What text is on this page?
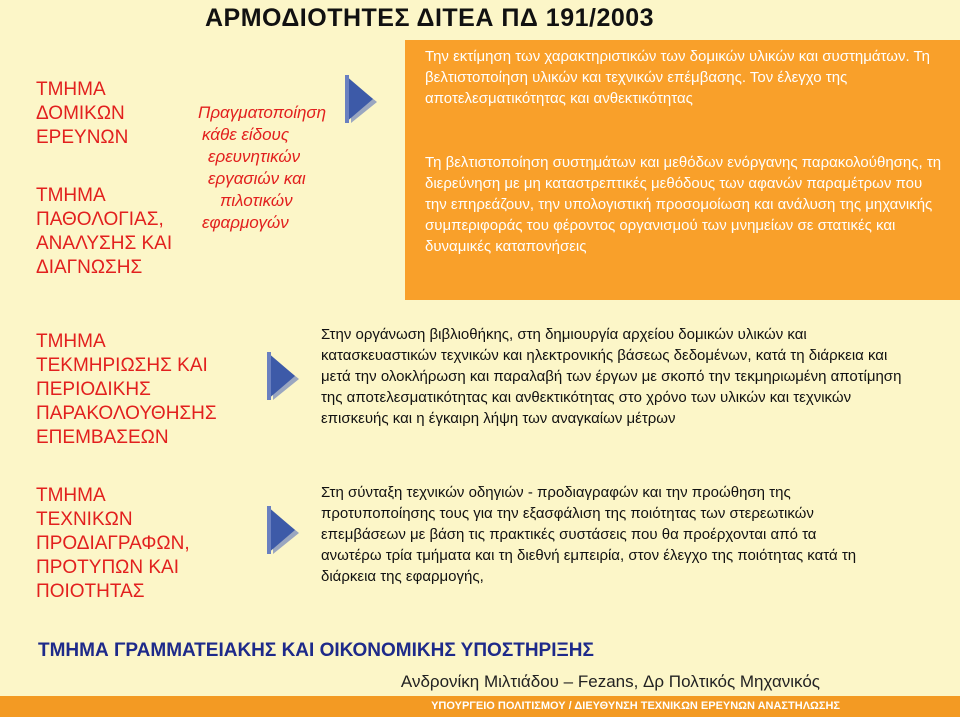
ΑΡΜΟΔΙΟΤΗΤΕΣ ΔΙΤΕΑ ΠΔ 191/2003
ΤΜΗΜΑ
ΔΟΜΙΚΩΝ
ΕΡΕΥΝΩΝ
ΤΜΗΜΑ
ΠΑΘΟΛΟΓΙΑΣ,
ΑΝΑΛΥΣΗΣ ΚΑΙ
ΔΙΑΓΝΩΣΗΣ
Πραγματοποίηση
κάθε είδους
ερευνητικών
εργασιών και
πιλοτικών
εφαρμογών
Την εκτίμηση των χαρακτηριστικών των δομικών υλικών και συστημάτων. Τη βελτιστοποίηση υλικών και τεχνικών επέμβασης. Τον έλεγχο της αποτελεσματικότητας και ανθεκτικότητας
Τη βελτιστοποίηση συστημάτων και μεθόδων ενόργανης παρακολούθησης, τη διερεύνηση με μη καταστρεπτικές μεθόδους των αφανών παραμέτρων που την επηρεάζουν, την υπολογιστική προσομοίωση και ανάλυση της μηχανικής συμπεριφοράς του φέροντος οργανισμού των μνημείων σε στατικές και δυναμικές καταπονήσεις
ΤΜΗΜΑ
ΤΕΚΜΗΡΙΩΣΗΣ ΚΑΙ
ΠΕΡΙΟΔΙΚΗΣ
ΠΑΡΑΚΟΛΟΥΘΗΣΗΣ
ΕΠΕΜΒΑΣΕΩΝ
Στην οργάνωση βιβλιοθήκης, στη δημιουργία αρχείου δομικών υλικών και κατασκευαστικών τεχνικών και ηλεκτρονικής βάσεως δεδομένων, κατά τη διάρκεια και μετά την ολοκλήρωση και παραλαβή των έργων με σκοπό την τεκμηριωμένη αποτίμηση της αποτελεσματικότητας και ανθεκτικότητας στο χρόνο των υλικών και τεχνικών επισκευής και η έγκαιρη λήψη των αναγκαίων μέτρων
ΤΜΗΜΑ
ΤΕΧΝΙΚΩΝ
ΠΡΟΔΙΑΓΡΑΦΩΝ,
ΠΡΟΤΥΠΩΝ ΚΑΙ
ΠΟΙΟΤΗΤΑΣ
Στη σύνταξη τεχνικών οδηγιών - προδιαγραφών και την προώθηση της προτυποποίησης τους για την εξασφάλιση της ποιότητας των στερεωτικών επεμβάσεων με βάση τις πρακτικές συστάσεις που θα προέρχονται από τα ανωτέρω τρία τμήματα και τη διεθνή εμπειρία, στον έλεγχο της ποιότητας κατά τη διάρκεια της εφαρμογής,
ΤΜΗΜΑ ΓΡΑΜΜΑΤΕΙΑΚΗΣ ΚΑΙ ΟΙΚΟΝΟΜΙΚΗΣ ΥΠΟΣΤΗΡΙΞΗΣ
Ανδρονίκη Μιλτιάδου – Fezans, Δρ Πολτικός Μηχανικός
ΥΠΟΥΡΓΕΙΟ ΠΟΛΙΤΙΣΜΟΥ / ΔΙΕΥΘΥΝΣΗ ΤΕΧΝΙΚΩΝ ΕΡΕΥΝΩΝ ΑΝΑΣΤΗΛΩΣΗΣ
